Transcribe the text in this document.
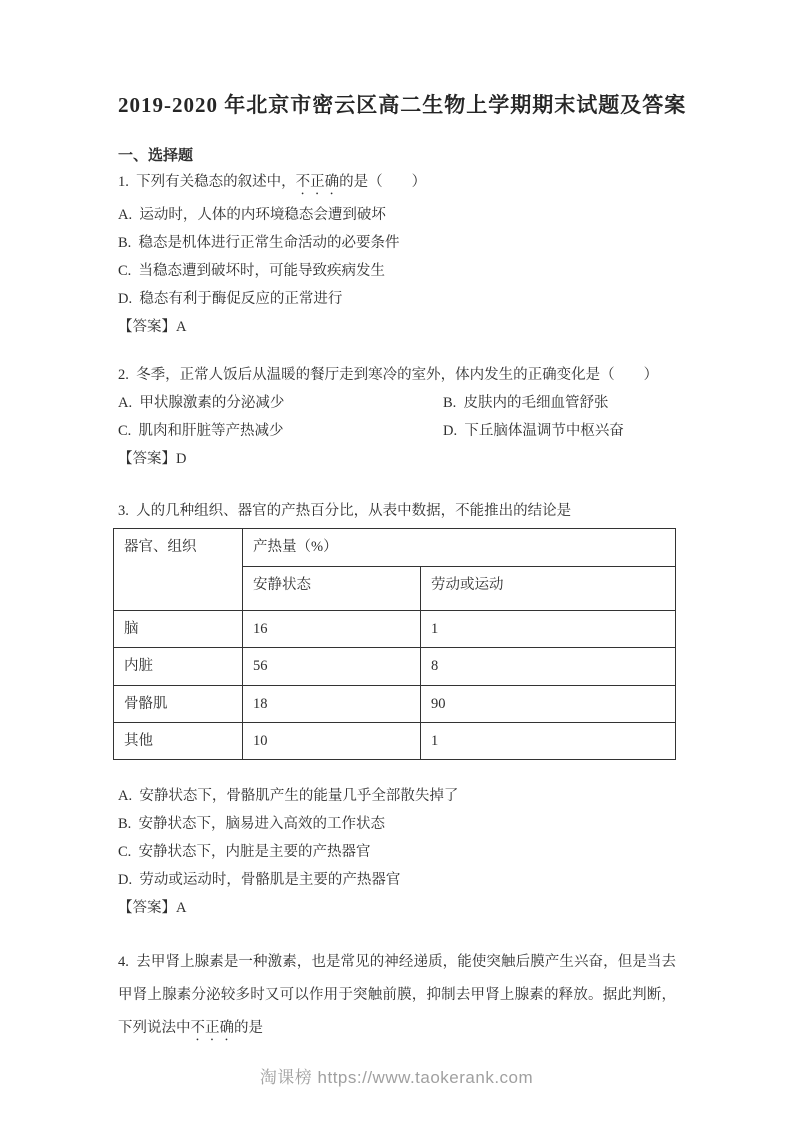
2019-2020 年北京市密云区高二生物上学期期末试题及答案
一、选择题
1.  下列有关稳态的叙述中，不正确的是（　　）
A.  运动时，人体的内环境稳态会遭到破坏
B.  稳态是机体进行正常生命活动的必要条件
C.  当稳态遭到破坏时，可能导致疾病发生
D.  稳态有利于酶促反应的正常进行
【答案】A
2.  冬季，正常人饭后从温暖的餐厅走到寒冷的室外，体内发生的正确变化是（　　）
A.  甲状腺激素的分泌减少	B.  皮肤内的毛细血管舒张
C.  肌肉和肝脏等产热减少	D.  下丘脑体温调节中枢兴奋
【答案】D
3.  人的几种组织、器官的产热百分比，从表中数据，不能推出的结论是
器官、组织	产热量（%）	
	安静状态	劳动或运动
脑	16	1
内脏	56	8
骨骼肌	18	90
其他	10	1
A.  安静状态下，骨骼肌产生的能量几乎全部散失掉了
B.  安静状态下，脑易进入高效的工作状态
C.  安静状态下，内脏是主要的产热器官
D.  劳动或运动时，骨骼肌是主要的产热器官
【答案】A
4.  去甲肾上腺素是一种激素，也是常见的神经递质，能使突触后膜产生兴奋，但是当去甲肾上腺素分泌较多时又可以作用于突触前膜，抑制去甲肾上腺素的释放。据此判断，下列说法中不正确的是
淘课榜 https://www.taokerank.com
